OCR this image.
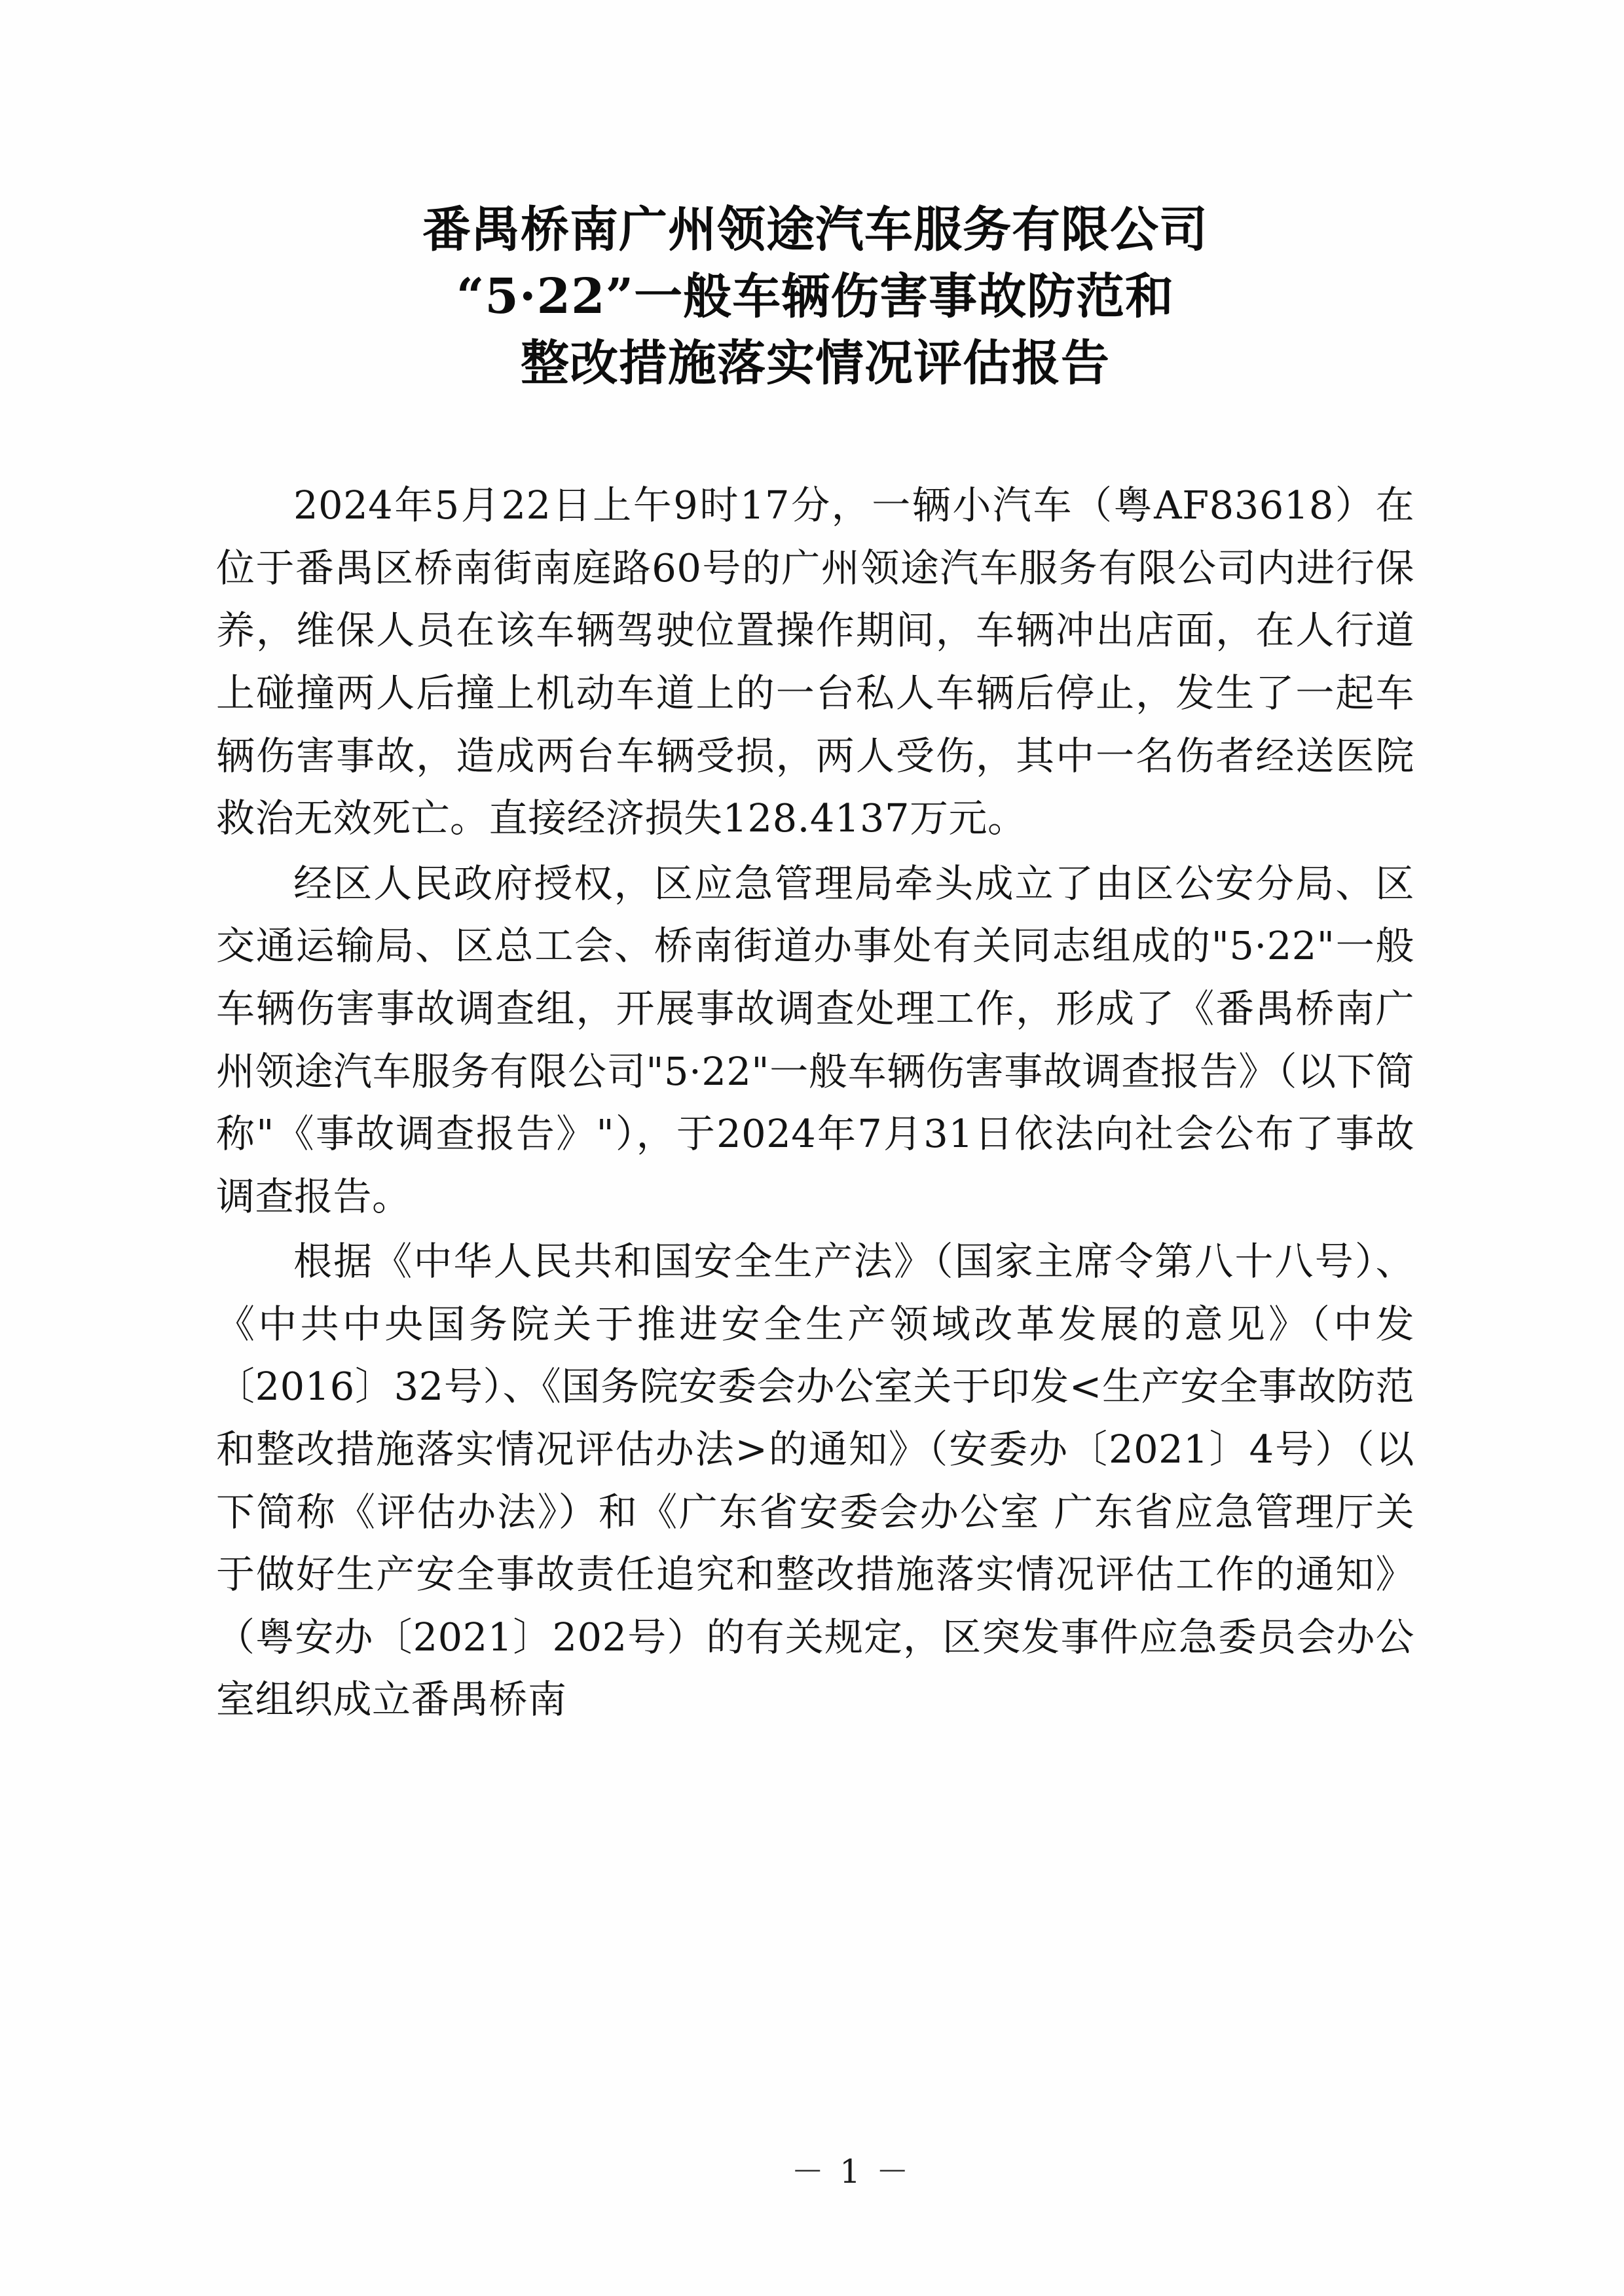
番禺桥南广州领途汽车服务有限公司
“5·22”一般车辆伤害事故防范和
整改措施落实情况评估报告

2024年5月22日上午9时17分，一辆小汽车（粤AF83618）在位于番禺区桥南街南庭路60号的广州领途汽车服务有限公司内进行保养，维保人员在该车辆驾驶位置操作期间，车辆冲出店面，在人行道上碰撞两人后撞上机动车道上的一台私人车辆后停止，发生了一起车辆伤害事故，造成两台车辆受损，两人受伤，其中一名伤者经送医院救治无效死亡。直接经济损失128.4137万元。

经区人民政府授权，区应急管理局牵头成立了由区公安分局、区交通运输局、区总工会、桥南街道办事处有关同志组成的"5·22"一般车辆伤害事故调查组，开展事故调查处理工作，形成了《番禺桥南广州领途汽车服务有限公司"5·22"一般车辆伤害事故调查报告》（以下简称"《事故调查报告》"），于2024年7月31日依法向社会公布了事故调查报告。

根据《中华人民共和国安全生产法》（国家主席令第八十八号）、《中共中央国务院关于推进安全生产领域改革发展的意见》（中发〔2016〕32号）、《国务院安委会办公室关于印发<生产安全事故防范和整改措施落实情况评估办法>的通知》（安委办〔2021〕4号）（以下简称《评估办法》）和《广东省安委会办公室 广东省应急管理厅关于做好生产安全事故责任追究和整改措施落实情况评估工作的通知》（粤安办〔2021〕202号）的有关规定，区突发事件应急委员会办公室组织成立番禺桥南

－ 1 －
